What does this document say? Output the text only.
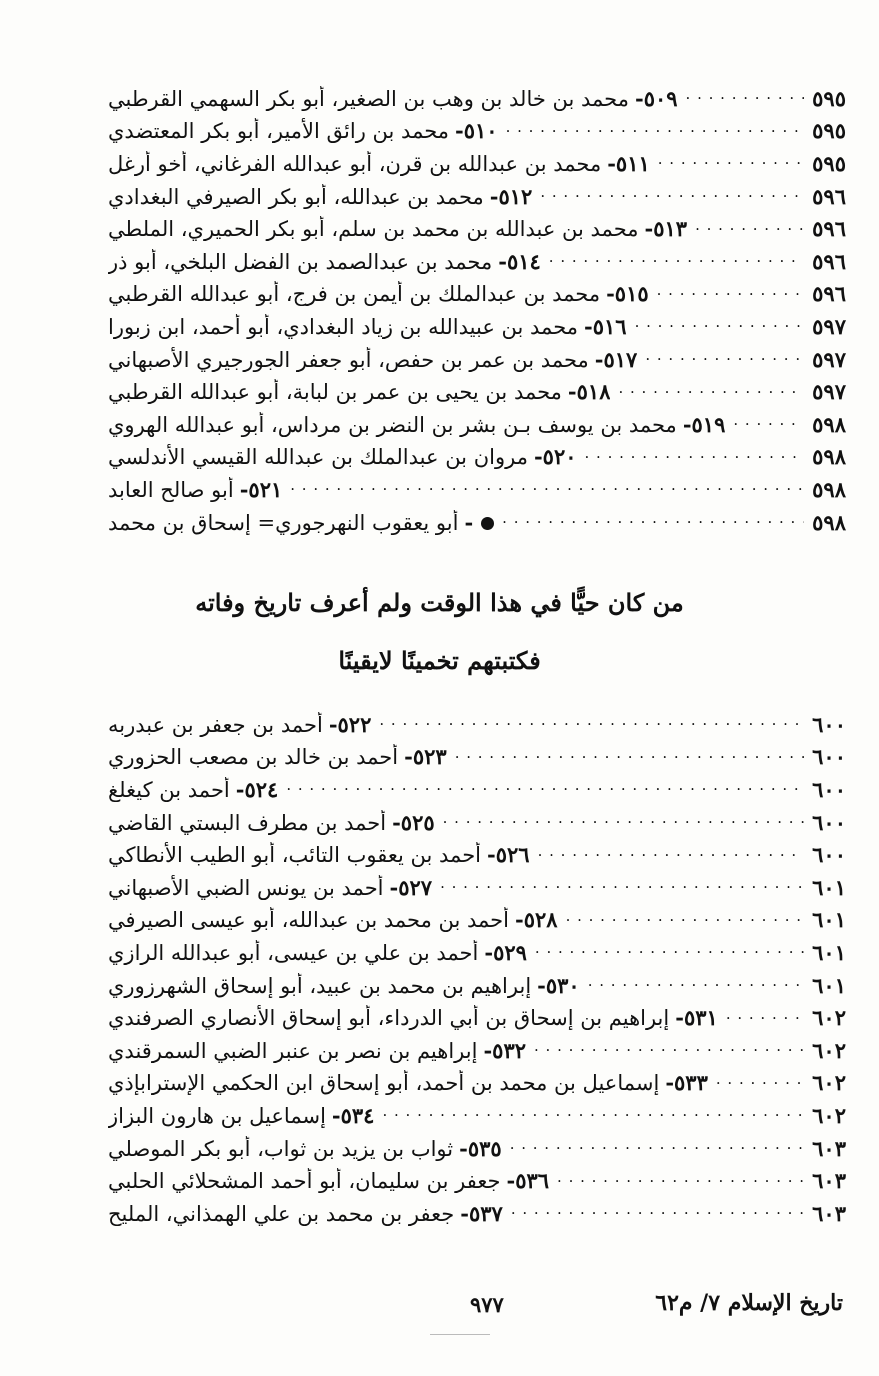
٥٠٩-محمد بن خالد بن وهب بن الصغير، أبو بكر السهمي القرطبي . . .	٥٩٥
٥١٠-محمد بن رائق الأمير، أبو بكر المعتضدي . . .	٥٩٥
٥١١-محمد بن عبدالله بن قرن، أبو عبدالله الفرغاني، أخو أرغل . . .	٥٩٥
٥١٢-محمد بن عبدالله، أبو بكر الصيرفي البغدادي . . .	٥٩٦
٥١٣-محمد بن عبدالله بن محمد بن سلم، أبو بكر الحميري، الملطي . . .	٥٩٦
٥١٤-محمد بن عبدالصمد بن الفضل البلخي، أبو ذر . . .	٥٩٦
٥١٥-محمد بن عبدالملك بن أيمن بن فرج، أبو عبدالله القرطبي . . .	٥٩٦
٥١٦-محمد بن عبيدالله بن زياد البغدادي، أبو أحمد، ابن زبورا . . .	٥٩٧
٥١٧-محمد بن عمر بن حفص، أبو جعفر الجورجيري الأصبهاني . . .	٥٩٧
٥١٨-محمد بن يحيى بن عمر بن لبابة، أبو عبدالله القرطبي . . .	٥٩٧
٥١٩-محمد بن يوسف بـن بشر بن النضر بن مرداس، أبو عبدالله الهروي . . .	٥٩٨
٥٢٠-مروان بن عبدالملك بن عبدالله القيسي الأندلسي . . .	٥٩٨
٥٢١-أبو صالح العابد . . .	٥٩٨
-أبو يعقوب النهرجوري= إسحاق بن محمد . . .	٥٩٨
من كان حيًّا في هذا الوقت ولم أعرف تاريخ وفاته
فكتبتهم تخمينًا لايقينًا
٥٢٢-أحمد بن جعفر بن عبدربه . . .	٦٠٠
٥٢٣-أحمد بن خالد بن مصعب الحزوري . . .	٦٠٠
٥٢٤-أحمد بن كيغلغ . . .	٦٠٠
٥٢٥-أحمد بن مطرف البستي القاضي . . .	٦٠٠
٥٢٦-أحمد بن يعقوب التائب، أبو الطيب الأنطاكي . . .	٦٠٠
٥٢٧-أحمد بن يونس الضبي الأصبهاني . . .	٦٠١
٥٢٨-أحمد بن محمد بن عبدالله، أبو عيسى الصيرفي . . .	٦٠١
٥٢٩-أحمد بن علي بن عيسى، أبو عبدالله الرازي . . .	٦٠١
٥٣٠-إبراهيم بن محمد بن عبيد، أبو إسحاق الشهرزوري . . .	٦٠١
٥٣١-إبراهيم بن إسحاق بن أبي الدرداء، أبو إسحاق الأنصاري الصرفندي . . .	٦٠٢
٥٣٢-إبراهيم بن نصر بن عنبر الضبي السمرقندي . . .	٦٠٢
٥٣٣-إسماعيل بن محمد بن أحمد، أبو إسحاق ابن الحكمي الإسترابإذي . . .	٦٠٢
٥٣٤-إسماعيل بن هارون البزاز . . .	٦٠٢
٥٣٥-ثواب بن يزيد بن ثواب، أبو بكر الموصلي . . .	٦٠٣
٥٣٦-جعفر بن سليمان، أبو أحمد المشحلائي الحلبي . . .	٦٠٣
٥٣٧-جعفر بن محمد بن علي الهمذاني، المليح . . .	٦٠٣
تاريخ الإسلام ٧/ م٦٢
٩٧٧
